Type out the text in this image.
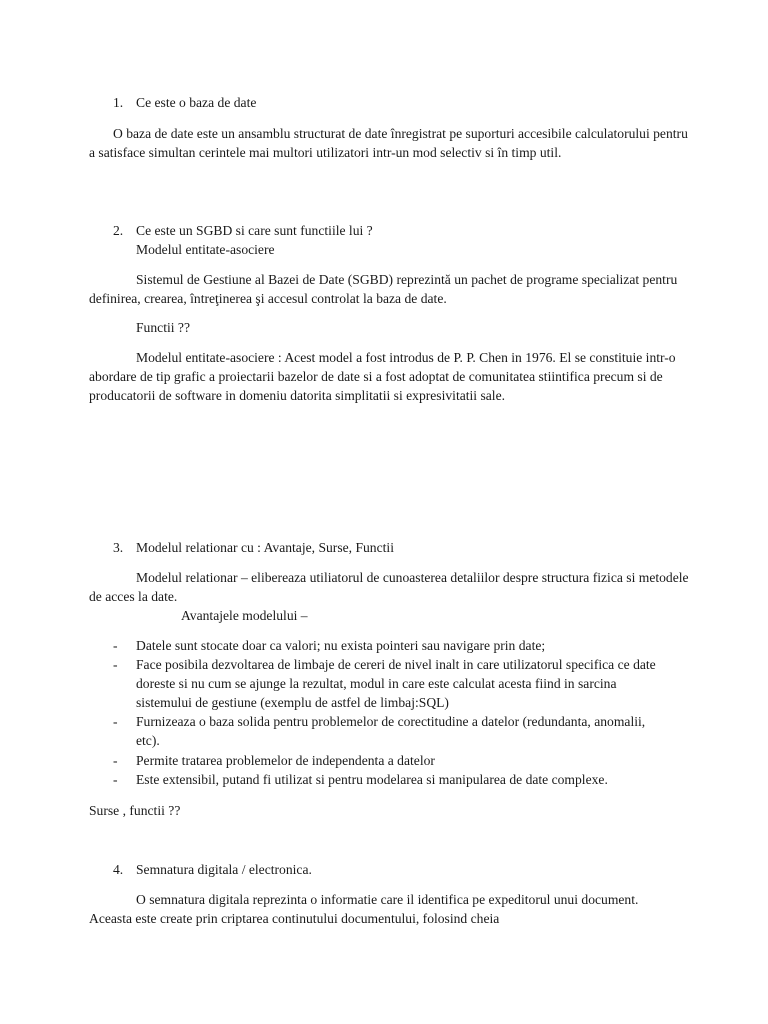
1. Ce este o baza de date

O baza de date este un ansamblu structurat de date înregistrat pe suporturi accesibile calculatorului pentru a satisface simultan cerintele mai multori utilizatori intr-un mod selectiv si în timp util.

2. Ce este un SGBD si care sunt functiile lui ?
Modelul entitate-asociere

Sistemul de Gestiune al Bazei de Date (SGBD) reprezintă un pachet de programe specializat pentru definirea, crearea, întreţinerea şi accesul controlat la baza de date.

Functii ??

Modelul entitate-asociere : Acest model a fost introdus de P. P. Chen in 1976. El se constituie intr-o abordare de tip grafic a proiectarii bazelor de date si a fost adoptat de comunitatea stiintifica precum si de producatorii de software in domeniu datorita simplitatii si expresivitatii sale.

3. Modelul relationar cu : Avantaje, Surse, Functii

Modelul relationar – elibereaza utiliatorul de cunoasterea detaliilor despre structura fizica si metodele de acces la date.

Avantajele modelului –
- Datele sunt stocate doar ca valori; nu exista pointeri sau navigare prin date;

- Face posibila dezvoltarea de limbaje de cereri de nivel inalt in care utilizatorul specifica ce date doreste si nu cum se ajunge la rezultat, modul in care este calculat acesta fiind in sarcina sistemului de gestiune (exemplu de astfel de limbaj:SQL)

- Furnizeaza o baza solida pentru problemelor de corectitudine a datelor (redundanta, anomalii, etc).

- Permite tratarea problemelor de independenta a datelor

- Este extensibil, putand fi utilizat si pentru modelarea si manipularea de date complexe.

Surse , functii ??
4. Semnatura digitala / electronica.

O semnatura digitala reprezinta o informatie care il identifica pe expeditorul unui document. Aceasta este create prin criptarea continutului documentului, folosind cheia
